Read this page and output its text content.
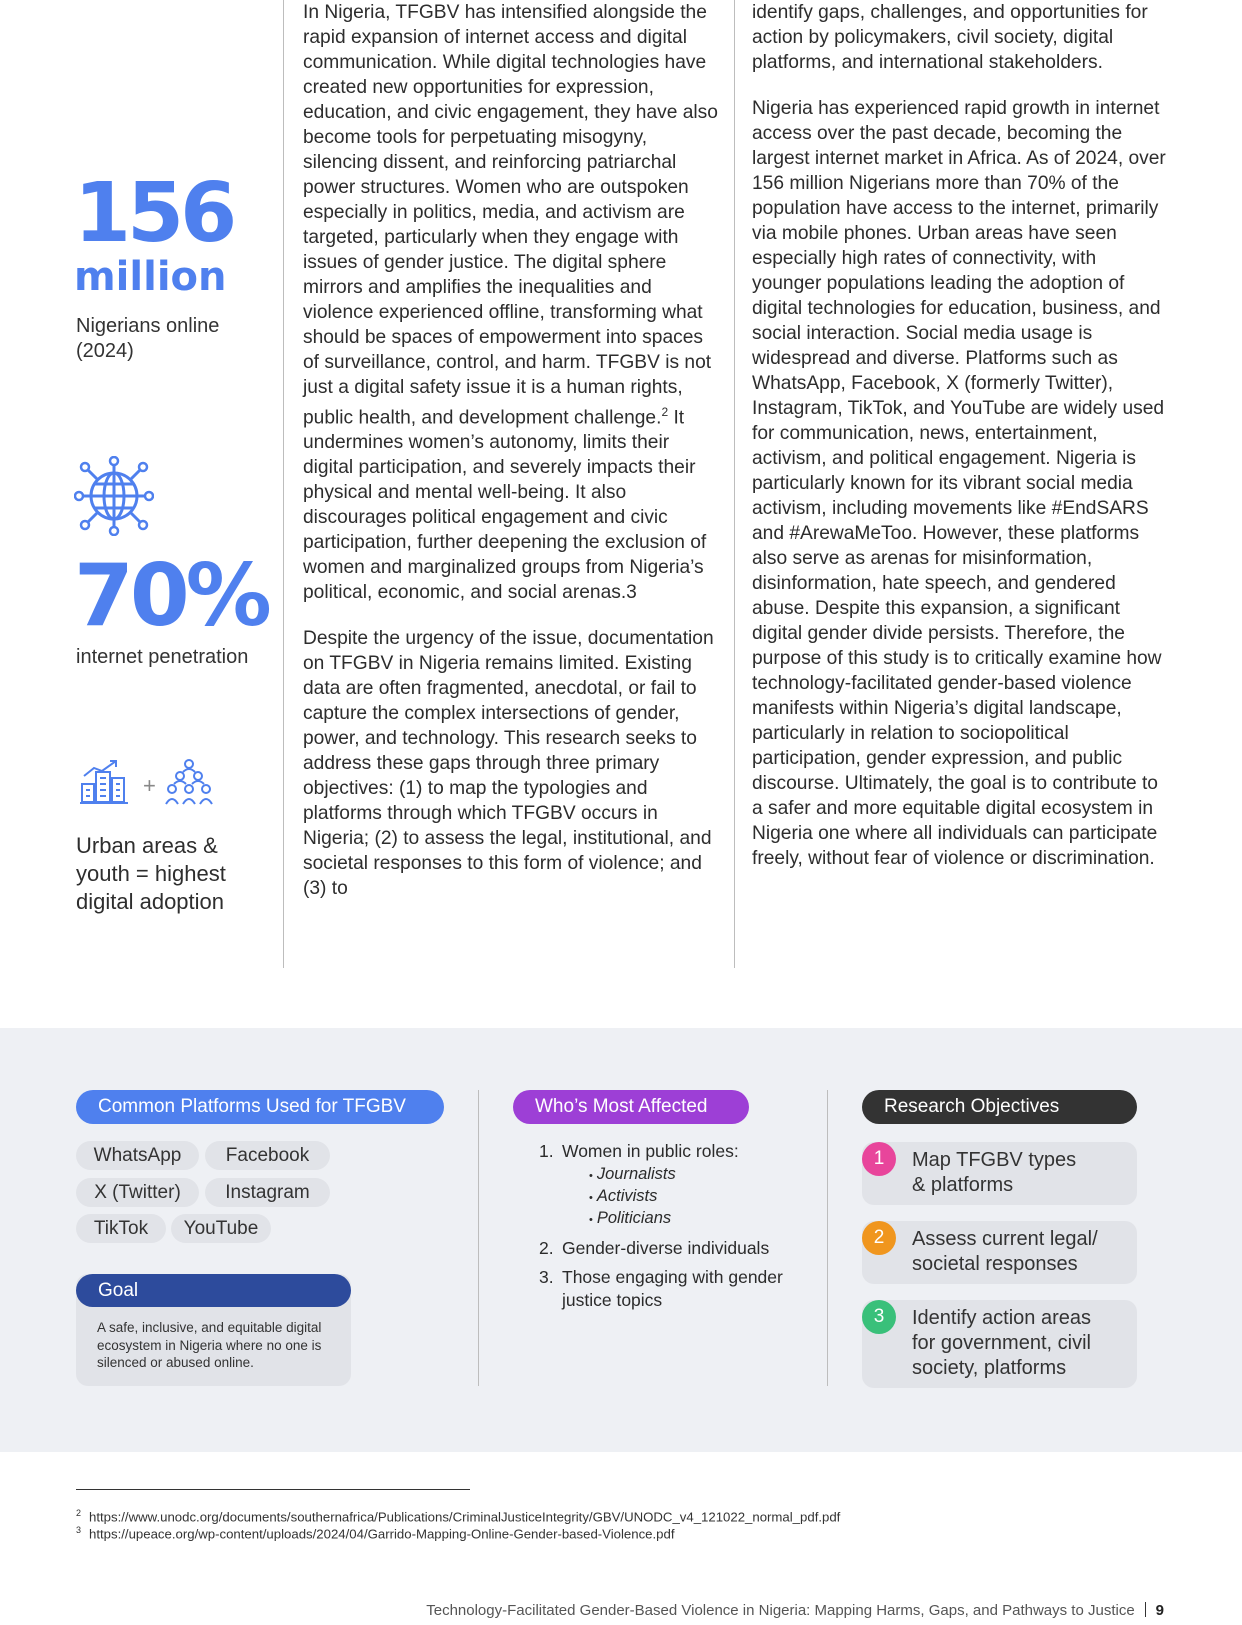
156
million
Nigerians online
(2024)
70%
internet penetration
+
Urban areas &
youth = highest
digital adoption

In Nigeria, TFGBV has intensified alongside the rapid expansion of internet access and digital communication. While digital technologies have created new opportunities for expression, education, and civic engagement, they have also become tools for perpetuating misogyny, silencing dissent, and reinforcing patriarchal power structures. Women who are outspoken especially in politics, media, and activism are targeted, particularly when they engage with issues of gender justice. The digital sphere mirrors and amplifies the inequalities and violence experienced offline, transforming what should be spaces of empowerment into spaces of surveillance, control, and harm. TFGBV is not just a digital safety issue it is a human rights, public health, and development challenge.$^2$ It undermines women’s autonomy, limits their digital participation, and severely impacts their physical and mental well-being. It also discourages political engagement and civic participation, further deepening the exclusion of women and marginalized groups from Nigeria’s political, economic, and social arenas.3

Despite the urgency of the issue, documentation on TFGBV in Nigeria remains limited. Existing data are often fragmented, anecdotal, or fail to capture the complex intersections of gender, power, and technology. This research seeks to address these gaps through three primary objectives: (1) to map the typologies and platforms through which TFGBV occurs in Nigeria; (2) to assess the legal, institutional, and societal responses to this form of violence; and (3) to

identify gaps, challenges, and opportunities for action by policymakers, civil society, digital platforms, and international stakeholders.

Nigeria has experienced rapid growth in internet access over the past decade, becoming the largest internet market in Africa. As of 2024, over 156 million Nigerians more than 70% of the population have access to the internet, primarily via mobile phones. Urban areas have seen especially high rates of connectivity, with younger populations leading the adoption of digital technologies for education, business, and social interaction. Social media usage is widespread and diverse. Platforms such as WhatsApp, Facebook, X (formerly Twitter), Instagram, TikTok, and YouTube are widely used for communication, news, entertainment, activism, and political engagement. Nigeria is particularly known for its vibrant social media activism, including movements like #EndSARS and #ArewaMeToo. However, these platforms also serve as arenas for misinformation, disinformation, hate speech, and gendered abuse. Despite this expansion, a significant digital gender divide persists. Therefore, the purpose of this study is to critically examine how technology-facilitated gender-based violence manifests within Nigeria’s digital landscape, particularly in relation to sociopolitical participation, gender expression, and public discourse. Ultimately, the goal is to contribute to a safer and more equitable digital ecosystem in Nigeria one where all individuals can participate freely, without fear of violence or discrimination.

Common Platforms Used for TFGBV
WhatsApp	Facebook
X (Twitter)	Instagram
TikTok	YouTube
Goal
A safe, inclusive, and equitable digital ecosystem in Nigeria where no one is silenced or abused online.
Who’s Most Affected
1. Women in public roles:
• Journalists
• Activists
• Politicians
2. Gender-diverse individuals
3. Those engaging with gender
justice topics
Research Objectives
1	Map TFGBV types
& platforms
2	Assess current legal/
societal responses
3	Identify action areas
for government, civil
society, platforms
$^2$ https://www.unodc.org/documents/southernafrica/Publications/CriminalJusticeIntegrity/GBV/UNODC_v4_121022_normal_pdf.pdf
$^3$ https://upeace.org/wp-content/uploads/2024/04/Garrido-Mapping-Online-Gender-based-Violence.pdf
Technology-Facilitated Gender-Based Violence in Nigeria: Mapping Harms, Gaps, and Pathways to Justice 9
